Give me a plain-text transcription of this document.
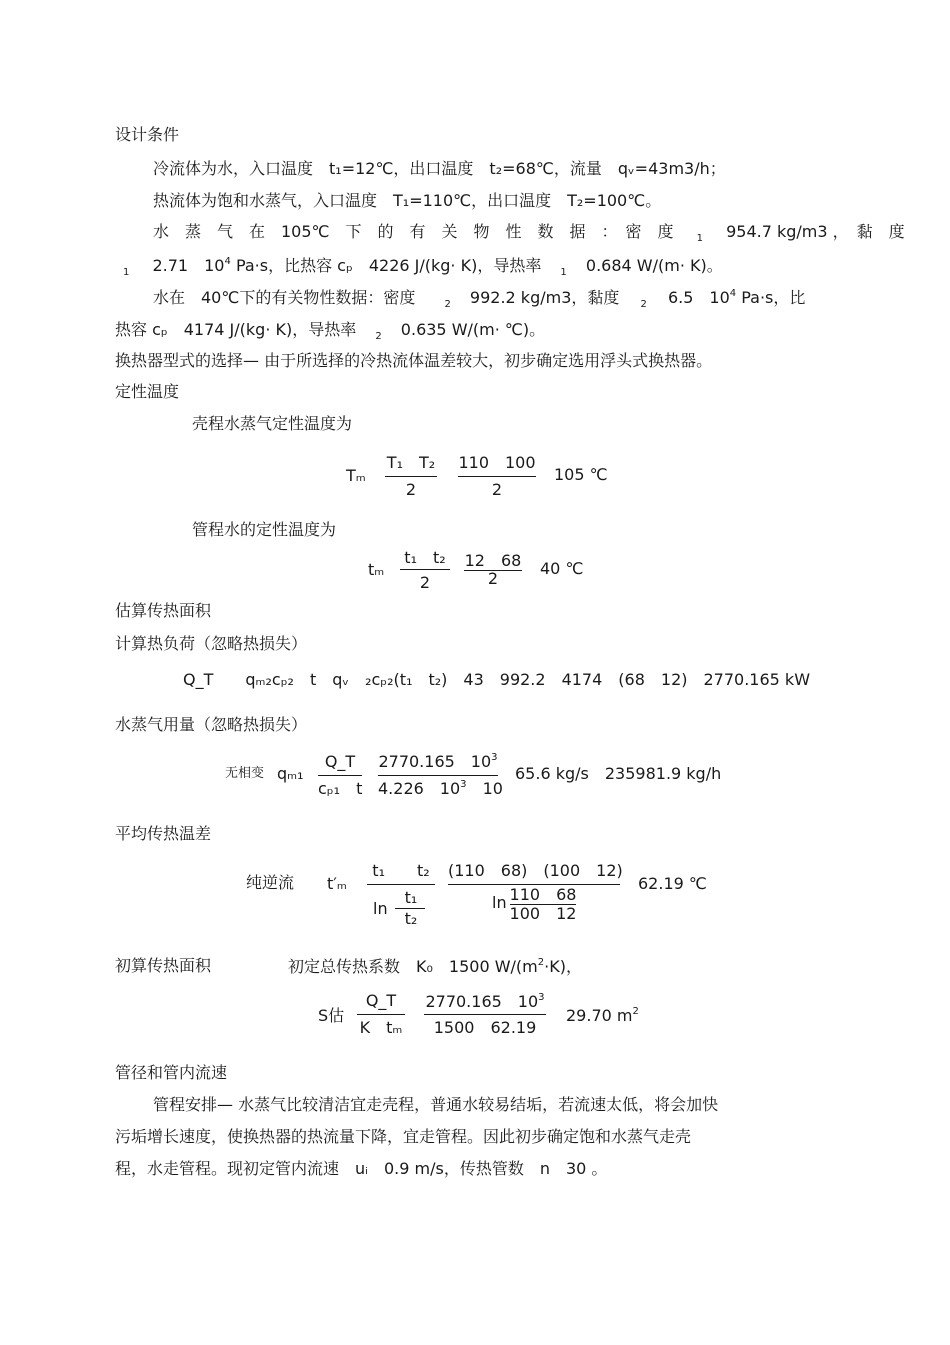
设计条件
冷流体为水，入口温度　t₁=12℃，出口温度　t₂=68℃，流量　qᵥ=43m3/h；
热流体为饱和水蒸气，入口温度　T₁=110℃，出口温度　T₂=100℃。
水　蒸　气　在　105℃　下　的　有　关　物　性　数　据　：　密　度 $_1$ 954.7 kg/m3 ，　黏　度
$_1$ 2.71　$10^4$ Pa·s，比热容 cₚ　4226 J/(kg· K)，导热率 $_1$ 0.684 W/(m· K)。
水在　40℃下的有关物性数据：密度	$_2$ 992.2 kg/m3，黏度 $_2$ 6.5　$10^4$ Pa·s，比
热容 cₚ　4174 J/(kg· K)，导热率 $_2$ 0.635 W/(m· ℃)。
换热器型式的选择— 由于所选择的冷热流体温差较大，初步确定选用浮头式换热器。
定性温度
壳程水蒸气定性温度为
Tₘ
T₁　T₂
2
110　100
2
105 ℃
管程水的定性温度为
tₘ
t₁　t₂
2
12　68
2
40 ℃
估算传热面积
计算热负荷（忽略热损失）
Q_T　　qₘ₂cₚ₂　t　qᵥ　₂cₚ₂(t₁　t₂)　43　992.2　4174　(68　12)　2770.165 kW
水蒸气用量（忽略热损失）
无相变 qₘ₁
Q_T
cₚ₁　t
2770.165　$10^3$
4.226　$10^3$　 10
65.6 kg/s　235981.9 kg/h
平均传热温差
纯逆流 t′ₘ
t₁　　t₂
ln
t₁
t₂
(110　68)　(100　12)
ln 110　68
100　12
62.19 ℃
初算传热面积	初定总传热系数　K₀　1500 $W/(m^2\cdot K)$，
S估
Q_T
K　tₘ
2770.165　$10^3$
1500　62.19
29.70 $m^2$
管径和管内流速
管程安排— 水蒸气比较清洁宜走壳程，普通水较易结垢，若流速太低，将会加快
污垢增长速度，使换热器的热流量下降，宜走管程。因此初步确定饱和水蒸气走壳
程，水走管程。现初定管内流速　uᵢ　0.9 m/s，传热管数　n　30 。
